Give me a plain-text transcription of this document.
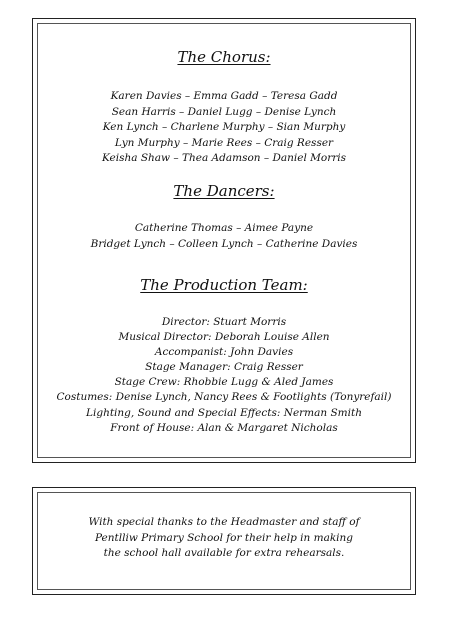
The Chorus:
Karen Davies – Emma Gadd – Teresa Gadd
Sean Harris – Daniel Lugg – Denise Lynch
Ken Lynch – Charlene Murphy – Sian Murphy
Lyn Murphy – Marie Rees – Craig Resser
Keisha Shaw – Thea Adamson – Daniel Morris
The Dancers:
Catherine Thomas – Aimee Payne
Bridget Lynch – Colleen Lynch – Catherine Davies
The Production Team:
Director: Stuart Morris
Musical Director: Deborah Louise Allen
Accompanist: John Davies
Stage Manager: Craig Resser
Stage Crew: Rhobbie Lugg & Aled James
Costumes: Denise Lynch, Nancy Rees & Footlights (Tonyrefail)
Lighting, Sound and Special Effects: Nerman Smith
Front of House: Alan & Margaret Nicholas
With special thanks to the Headmaster and staff of
Pentlliw Primary School for their help in making
the school hall available for extra rehearsals.
